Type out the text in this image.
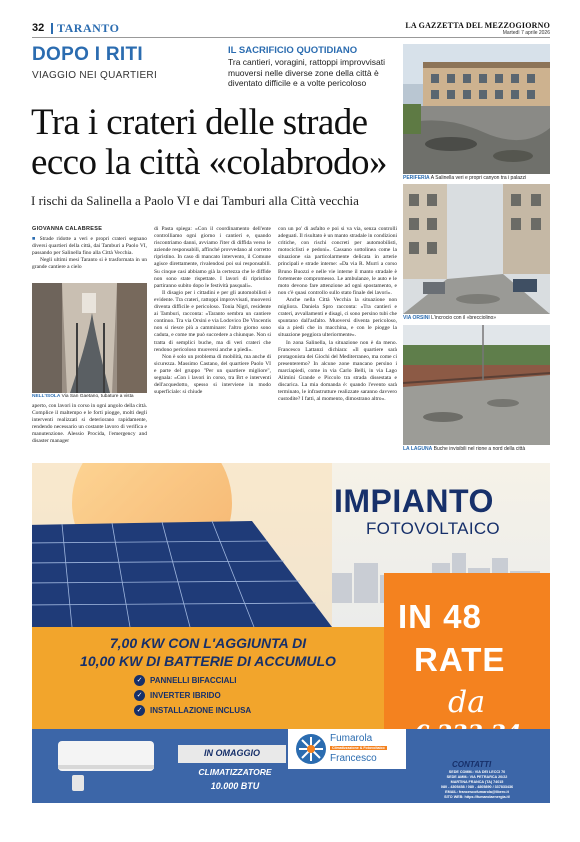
32 TARANTO	LA GAZZETTA DEL MEZZOGIORNO
Martedì 7 aprile 2026
DOPO I RITI
VIAGGIO NEI QUARTIERI
IL SACRIFICIO QUOTIDIANO
Tra cantieri, voragini, rattoppi improvvisati muoversi nelle diverse zone della città è diventato difficile e a volte pericoloso
Tra i crateri delle strade
ecco la città «colabrodo»
I rischi da Salinella a Paolo VI e dai Tamburi alla Città vecchia
PERIFERIA A Salinella veri e propri canyon tra i palazzi
VIA ORSINI L'incrocio con il «brecciolino»
LA LAGUNA Buche invisibili nel rione a nord della città
GIOVANNA CALABRESE

■ Strade ridotte a veri e propri crateri segnano diversi quartieri della città, dai Tamburi a Paolo VI, passando per Salinella fino alla Città Vecchia.

Negli ultimi mesi Taranto si è trasformata in un grande cantiere a cielo

NELL'ISOLA Via San Gaetano, tubature a vista

aperto, con lavori in corso in ogni angolo della città. Complice il maltempo e le forti piogge, molti degli interventi realizzati si deteriorano rapidamente, rendendo necessario un costante lavoro di verifica e manutenzione. Alessio Procida, l'emergency and disaster manager

di Pasta spiega: «Con il coordinamento dell'ente controlliamo ogni giorno i cantieri e, quando riscontriamo danni, avviamo l'iter di diffida verso le aziende responsabili, affinché provvedano al corretto ripristino. In caso di mancato intervento, il Comune agisce direttamente, rivalendosi poi sui responsabili. Su cinque casi abbiamo già la certezza che le diffide non sono state rispettate. I lavori di ripristino partiranno subito dopo le festività pasquali».

Il disagio per i cittadini e per gli automobilisti è evidente. Tra crateri, rattoppi improvvisati, muoversi diventa difficile e pericoloso. Tonia Nigri, residente ai Tamburi, racconta: «Taranto sembra un cantiere continuo. Tra via Orsini e via Lodovico De Vincentis non si riesce più a camminare: l'altro giorno sono caduta, e come me può succedere a chiunque. Non si tratta di semplici buche, ma di veri crateri che rendono pericoloso muoversi anche a piedi».

Non è solo un problema di mobilità, ma anche di sicurezza. Massimo Castano, del quartiere Paolo VI e parte del gruppo "Per un quartiere migliore", segnala: «Con i lavori in corso, tra Brt e interventi dell'acquedotto, spesso si interviene in modo superficiale: si chiude

con un po' di asfalto e poi si va via, senza controlli adeguati. Il risultato è un manto stradale in condizioni critiche, con rischi concreti per automobilisti, motociclisti e pedoni». Cassano sottolinea come la situazione sia particolarmente delicata in arterie principali e strade interne: «Da via R. Murri a corso Bruno Buozzi e nelle vie interne il manto stradale è fortemente compromesso. Le ambulanze, le auto e le moto devono fare attenzione ad ogni spostamento, e non c'è quasi controllo sullo stato finale dei lavori».

Anche nella Città Vecchia la situazione non migliora. Daniela Spro racconta: «Tra cantieri e crateri, avvallamenti e disagi, ci sono persino tubi che spuntano dall'asfalto. Muoversi diventa pericoloso, sia a piedi che in macchina, e con le piogge la situazione peggiora ulteriormente».

In zona Salinella, la situazione non è da meno. Francesco Lattanzi dichiara: «Il quartiere sarà protagonista dei Giochi del Mediterraneo, ma come ci presenteremo? In alcune zone mancano persino i marciapiedi, come in via Carlo Belli, in via Lago Alimini Grande e Piccolo tra strada dissestata e discarica. La mia domanda è: quando l'evento sarà terminato, le infrastrutture realizzate saranno davvero custodite? I fatti, al momento, dimostrano altro».

IMPIANTO
FOTOVOLTAICO
IN 48
RATE
da
7,00 KW CON L'AGGIUNTA DI
10,00 KW DI BATTERIE DI ACCUMULO
✓ PANNELLI BIFACCIALI
✓ INVERTER IBRIDO
✓ INSTALLAZIONE INCLUSA
IN OMAGGIO
CLIMATIZZATORE
10.000 BTU
Fumarola
Climatizzazione & Fotovoltaico
Francesco
CONTATTI
SEDE COMM.: VIA DEI LECCI 70
SEDE AMM.: VIA PETRARCA 20/22
MARTINA FRANCA (TA) 74015
080 - 4305458 / 080 - 4805890 / 337833436
EMAIL: francescofumarola@libero.it
SITO WEB: https://fumarolaenergia.it/
